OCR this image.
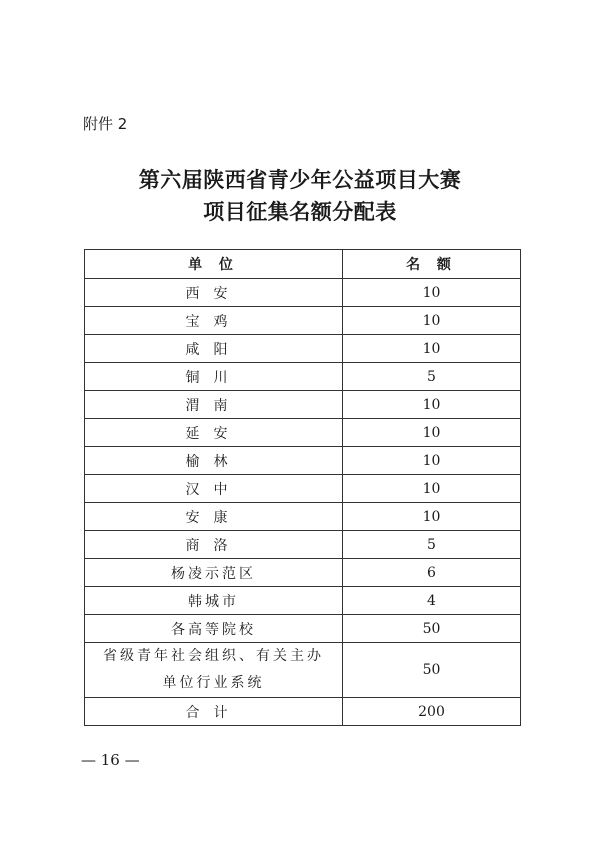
附件 2
第六届陕西省青少年公益项目大赛
项目征集名额分配表
单 位	名 额
西安	10
宝鸡	10
咸阳	10
铜川	5
渭南	10
延安	10
榆林	10
汉中	10
安康	10
商洛	5
杨凌示范区	6
韩城市	4
各高等院校	50

省级青年社会组织、有关主办
单位行业系统	50
合计	200
— 16 —
